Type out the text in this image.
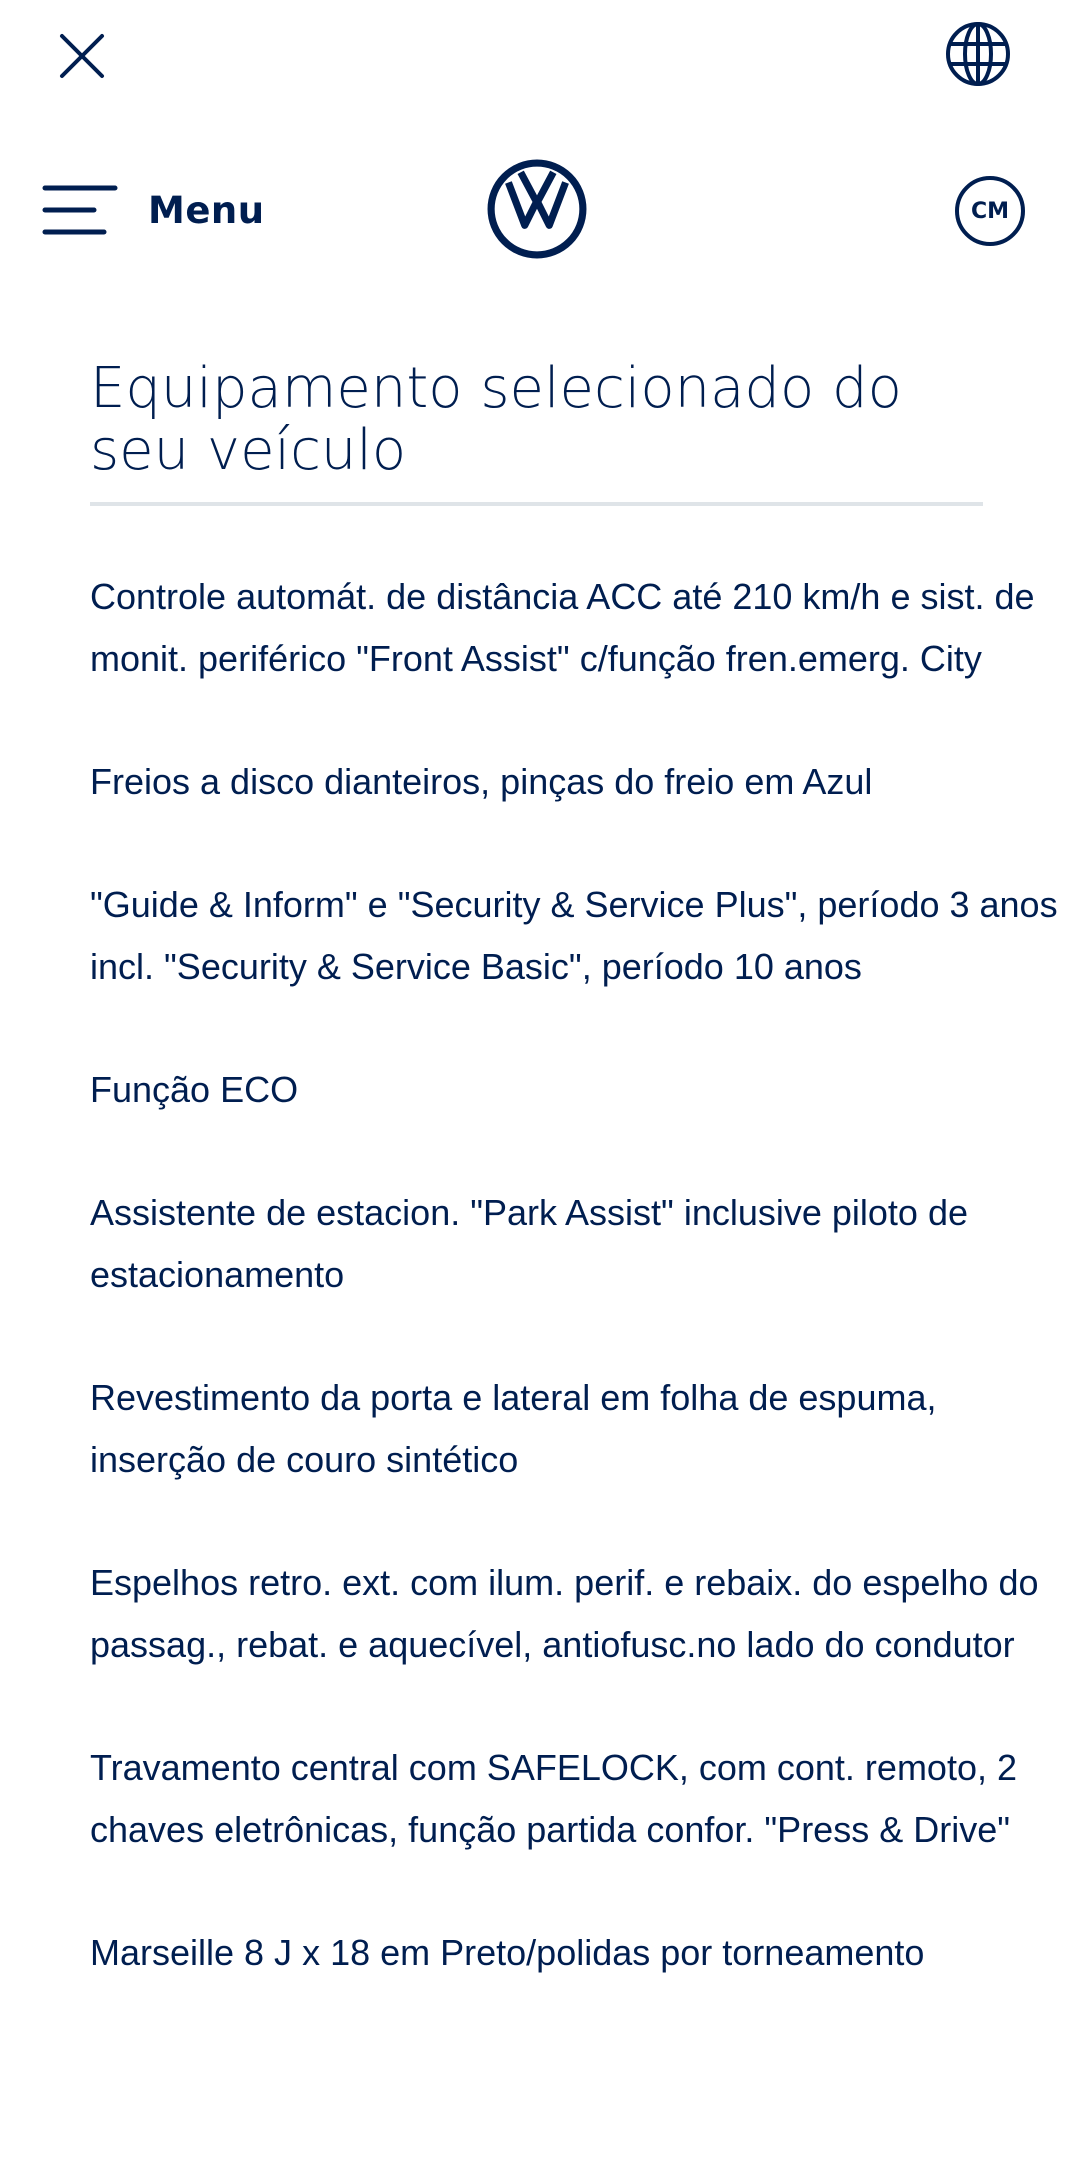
Menu	CM
Equipamento selecionado do seu veículo
Controle automát. de distância ACC até 210 km/h e sist. de monit. periférico "Front Assist" c/função fren.emerg. City
Freios a disco dianteiros, pinças do freio em Azul
"Guide & Inform" e "Security & Service Plus", período 3 anos incl. "Security & Service Basic", período 10 anos
Função ECO
Assistente de estacion. "Park Assist" inclusive piloto de estacionamento
Revestimento da porta e lateral em folha de espuma, inserção de couro sintético
Espelhos retro. ext. com ilum. perif. e rebaix. do espelho do passag., rebat. e aquecível, antiofusc.no lado do condutor
Travamento central com SAFELOCK, com cont. remoto, 2 chaves eletrônicas, função partida confor. "Press & Drive"
Marseille 8 J x 18 em Preto/polidas por torneamento
